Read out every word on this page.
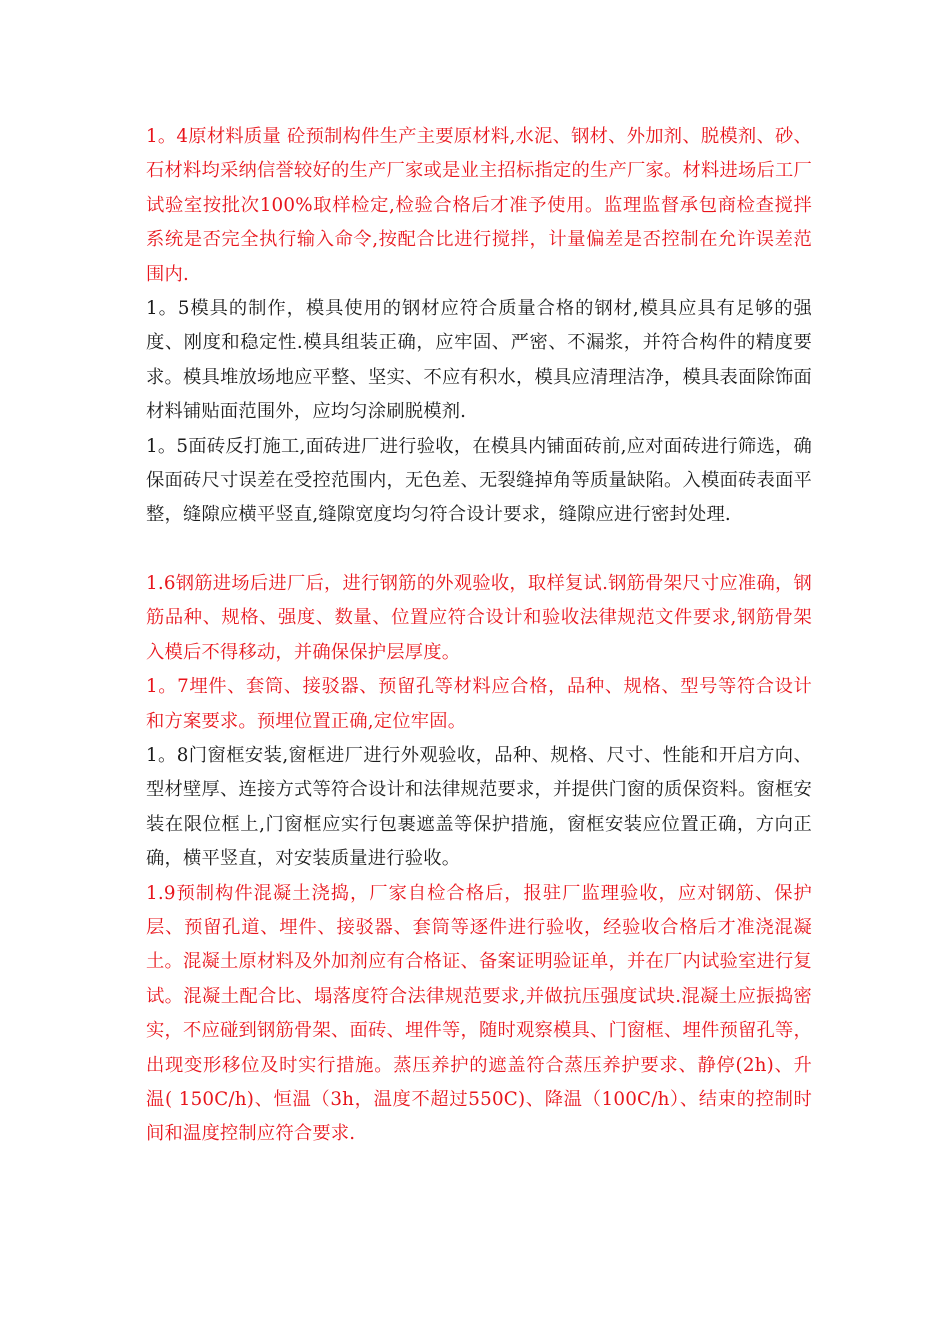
1。4原材料质量 砼预制构件生产主要原材料,水泥、钢材、外加剂、脱模剂、砂、石材料均采纳信誉较好的生产厂家或是业主招标指定的生产厂家。材料进场后工厂试验室按批次100%取样检定,检验合格后才准予使用。监理监督承包商检查搅拌系统是否完全执行输入命令,按配合比进行搅拌，计量偏差是否控制在允许误差范围内.

1。5模具的制作，模具使用的钢材应符合质量合格的钢材,模具应具有足够的强度、刚度和稳定性.模具组装正确，应牢固、严密、不漏浆，并符合构件的精度要求。模具堆放场地应平整、坚实、不应有积水，模具应清理洁净，模具表面除饰面材料铺贴面范围外，应均匀涂刷脱模剂.

1。5面砖反打施工,面砖进厂进行验收，在模具内铺面砖前,应对面砖进行筛选，确保面砖尺寸误差在受控范围内，无色差、无裂缝掉角等质量缺陷。入模面砖表面平整，缝隙应横平竖直,缝隙宽度均匀符合设计要求，缝隙应进行密封处理.

1.6钢筋进场后进厂后，进行钢筋的外观验收，取样复试.钢筋骨架尺寸应准确，钢筋品种、规格、强度、数量、位置应符合设计和验收法律规范文件要求,钢筋骨架入模后不得移动，并确保保护层厚度。

1。7埋件、套筒、接驳器、预留孔等材料应合格，品种、规格、型号等符合设计和方案要求。预埋位置正确,定位牢固。

1。8门窗框安装,窗框进厂进行外观验收，品种、规格、尺寸、性能和开启方向、型材壁厚、连接方式等符合设计和法律规范要求，并提供门窗的质保资料。窗框安装在限位框上,门窗框应实行包裹遮盖等保护措施，窗框安装应位置正确，方向正确，横平竖直，对安装质量进行验收。

1.9预制构件混凝土浇捣，厂家自检合格后，报驻厂监理验收，应对钢筋、保护层、预留孔道、埋件、接驳器、套筒等逐件进行验收，经验收合格后才准浇混凝土。混凝土原材料及外加剂应有合格证、备案证明验证单，并在厂内试验室进行复试。混凝土配合比、塌落度符合法律规范要求,并做抗压强度试块.混凝土应振捣密实，不应碰到钢筋骨架、面砖、埋件等，随时观察模具、门窗框、埋件预留孔等，出现变形移位及时实行措施。蒸压养护的遮盖符合蒸压养护要求、静停(2h)、升温( 150C/h)、恒温（3h，温度不超过550C)、降温（100C/h）、结束的控制时间和温度控制应符合要求.
